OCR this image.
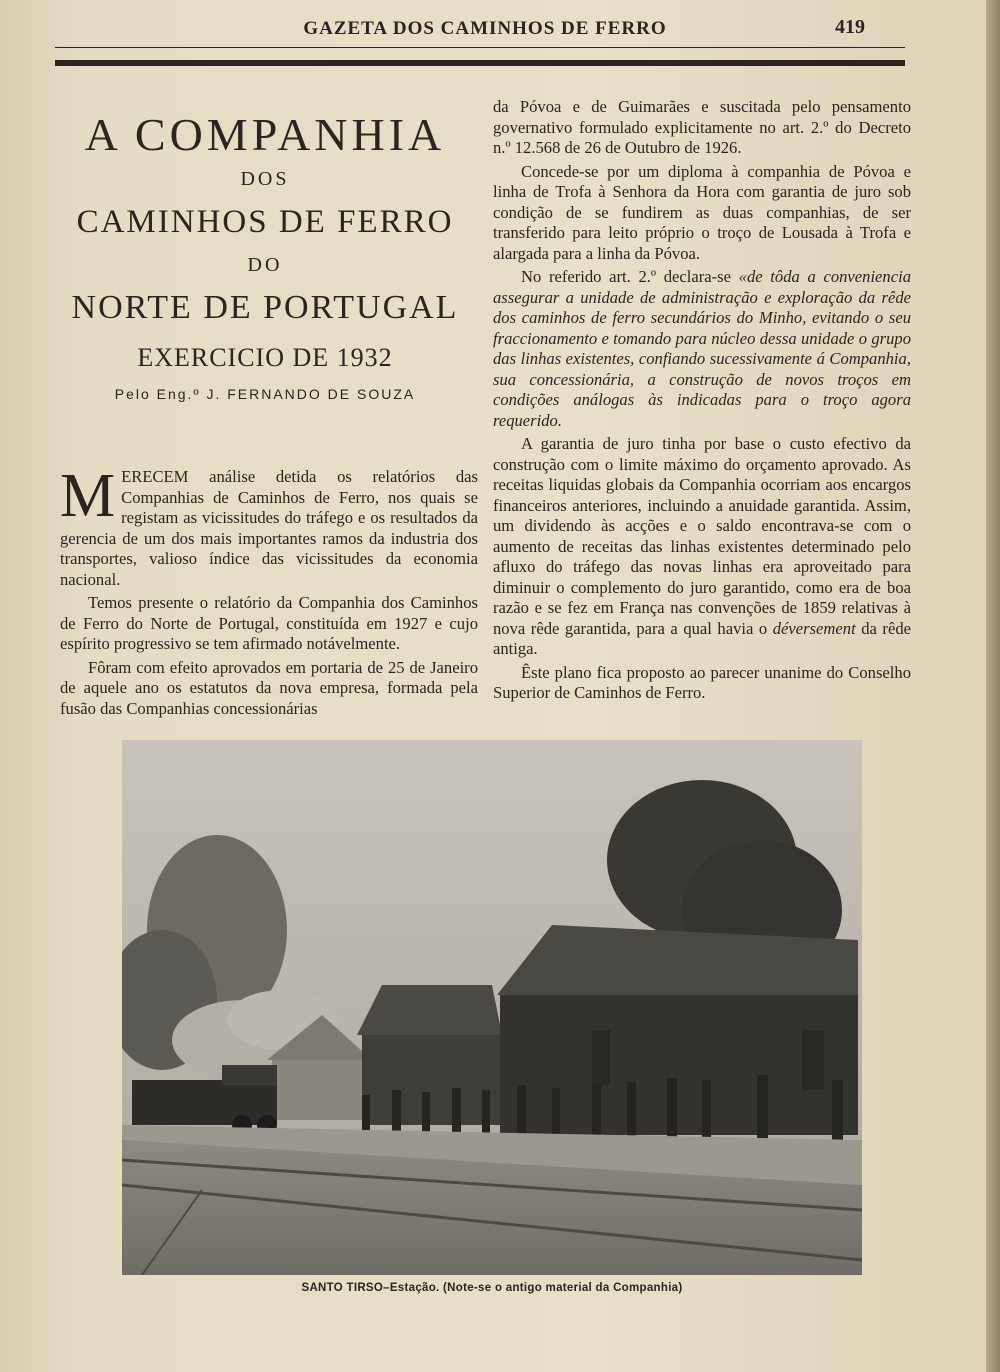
GAZETA DOS CAMINHOS DE FERRO	419
A COMPANHIA
DOS
CAMINHOS DE FERRO
DO
NORTE DE PORTUGAL
EXERCICIO DE 1932
Pelo Eng.º J. FERNANDO DE SOUZA

MERECEM análise detida os relatórios das Companhias de Caminhos de Ferro, nos quais se registam as vicissitudes do tráfego e os resultados da gerencia de um dos mais importantes ramos da industria dos transportes, valioso índice das vicissitudes da economia nacional.

Temos presente o relatório da Companhia dos Caminhos de Ferro do Norte de Portugal, constituída em 1927 e cujo espírito progressivo se tem afirmado notávelmente.

Fôram com efeito aprovados em portaria de 25 de Janeiro de aquele ano os estatutos da nova empresa, formada pela fusão das Companhias concessionárias

da Póvoa e de Guimarães e suscitada pelo pensamento governativo formulado explicitamente no art. 2.º do Decreto n.º 12.568 de 26 de Outubro de 1926.

Concede-se por um diploma à companhia de Póvoa e linha de Trofa à Senhora da Hora com garantia de juro sob condição de se fundirem as duas companhias, de ser transferido para leito próprio o troço de Lousada à Trofa e alargada para a linha da Póvoa.

No referido art. 2.º declara-se «de tôda a conveniencia assegurar a unidade de administração e exploração da rêde dos caminhos de ferro secundários do Minho, evitando o seu fraccionamento e tomando para núcleo dessa unidade o grupo das linhas existentes, confiando sucessivamente á Companhia, sua concessionária, a construção de novos troços em condições análogas às indicadas para o troço agora requerido.

A garantia de juro tinha por base o custo efectivo da construção com o limite máximo do orçamento aprovado. As receitas liquidas globais da Companhia ocorriam aos encargos financeiros anteriores, incluindo a anuidade garantida. Assim, um dividendo às acções e o saldo encontrava-se com o aumento de receitas das linhas existentes determinado pelo afluxo do tráfego das novas linhas era aproveitado para diminuir o complemento do juro garantido, como era de boa razão e se fez em França nas convenções de 1859 relativas à nova rêde garantida, para a qual havia o déversement da rêde antiga.

Êste plano fica proposto ao parecer unanime do Conselho Superior de Caminhos de Ferro.

SANTO TIRSO–Estação. (Note-se o antigo material da Companhia)
